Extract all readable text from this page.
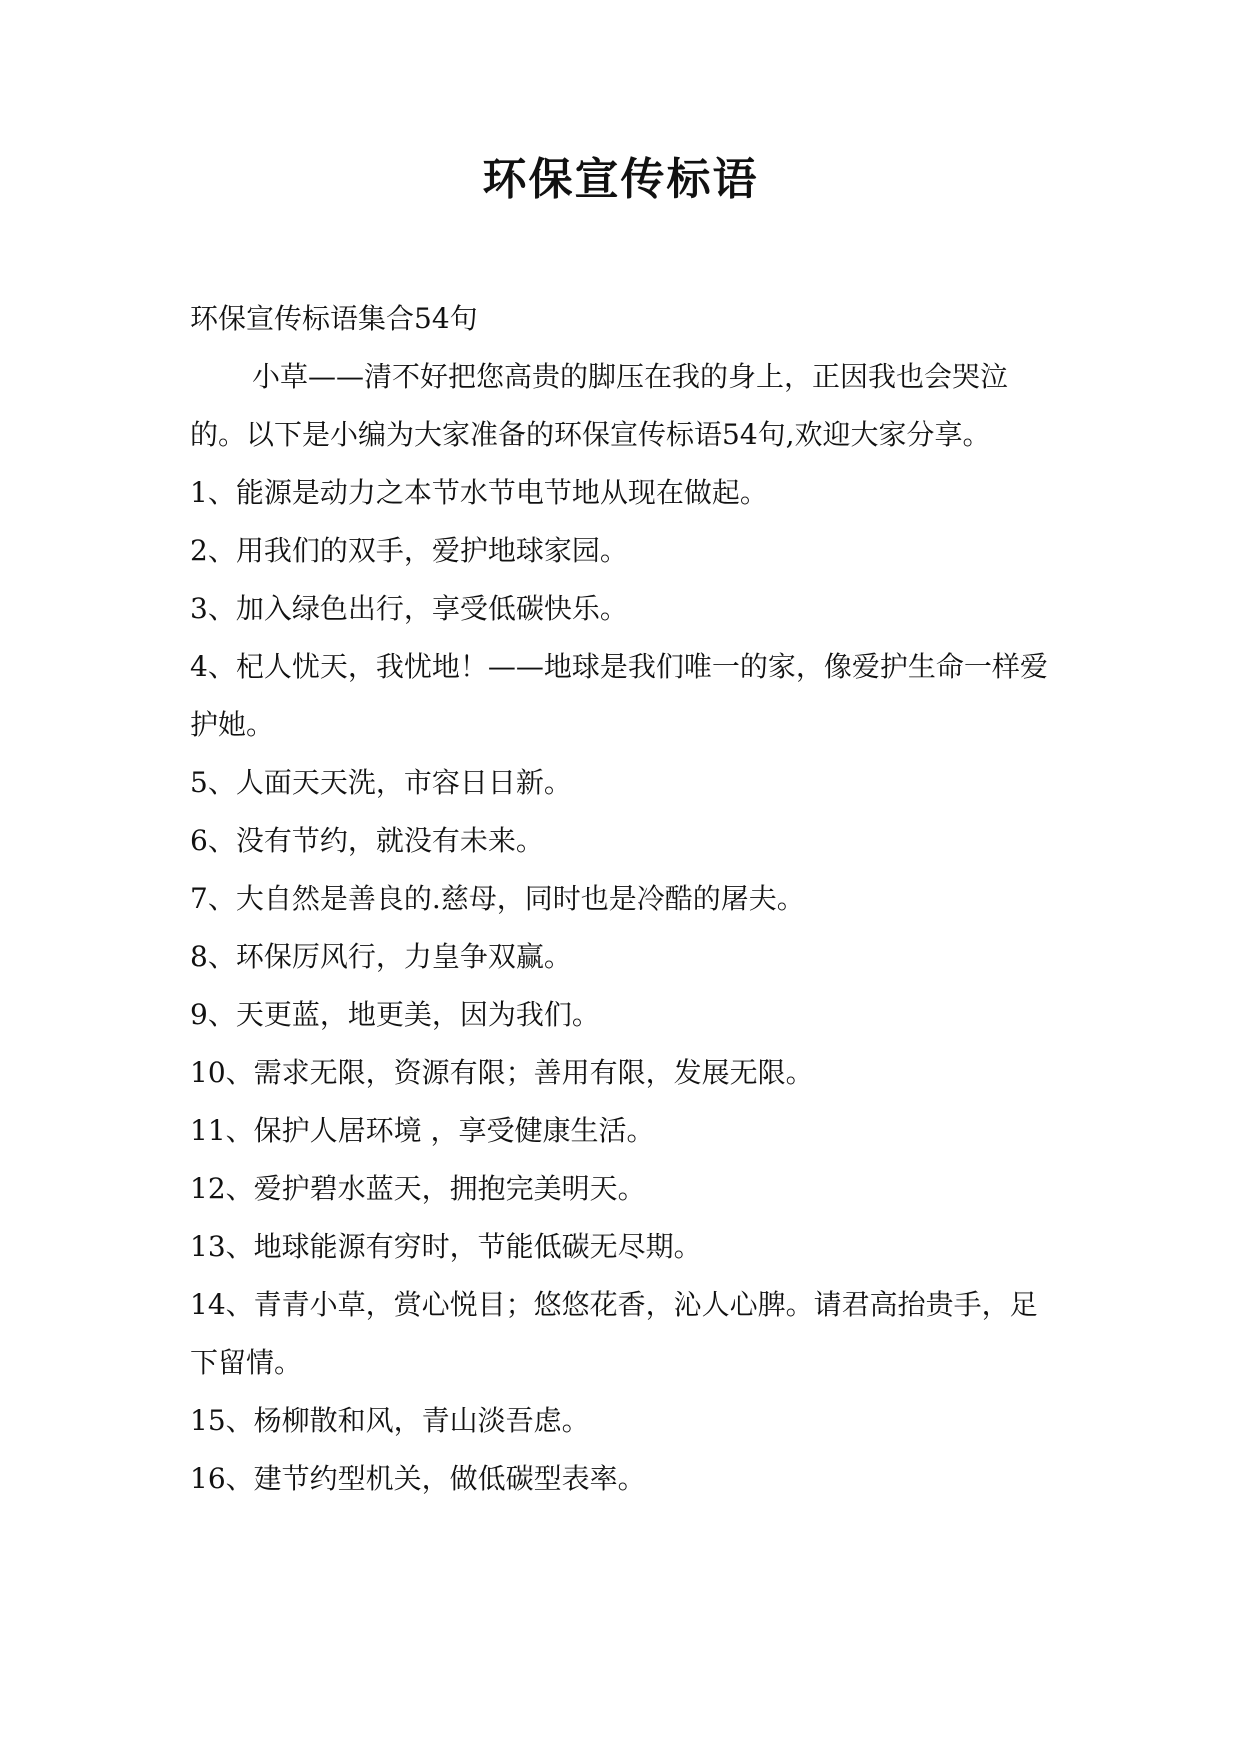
环保宣传标语

环保宣传标语集合54句

小草——清不好把您高贵的脚压在我的身上，正因我也会哭泣的。以下是小编为大家准备的环保宣传标语54句,欢迎大家分享。

1、能源是动力之本节水节电节地从现在做起。

2、用我们的双手，爱护地球家园。

3、加入绿色出行，享受低碳快乐。

4、杞人忧天，我忧地！——地球是我们唯一的家，像爱护生命一样爱护她。

5、人面天天洗，市容日日新。

6、没有节约，就没有未来。

7、大自然是善良的.慈母，同时也是冷酷的屠夫。

8、环保厉风行，力皇争双赢。

9、天更蓝，地更美，因为我们。

10、需求无限，资源有限；善用有限，发展无限。

11、保护人居环境 ，享受健康生活。

12、爱护碧水蓝天，拥抱完美明天。

13、地球能源有穷时，节能低碳无尽期。

14、青青小草，赏心悦目；悠悠花香，沁人心脾。请君高抬贵手，足下留情。

15、杨柳散和风，青山淡吾虑。

16、建节约型机关，做低碳型表率。
